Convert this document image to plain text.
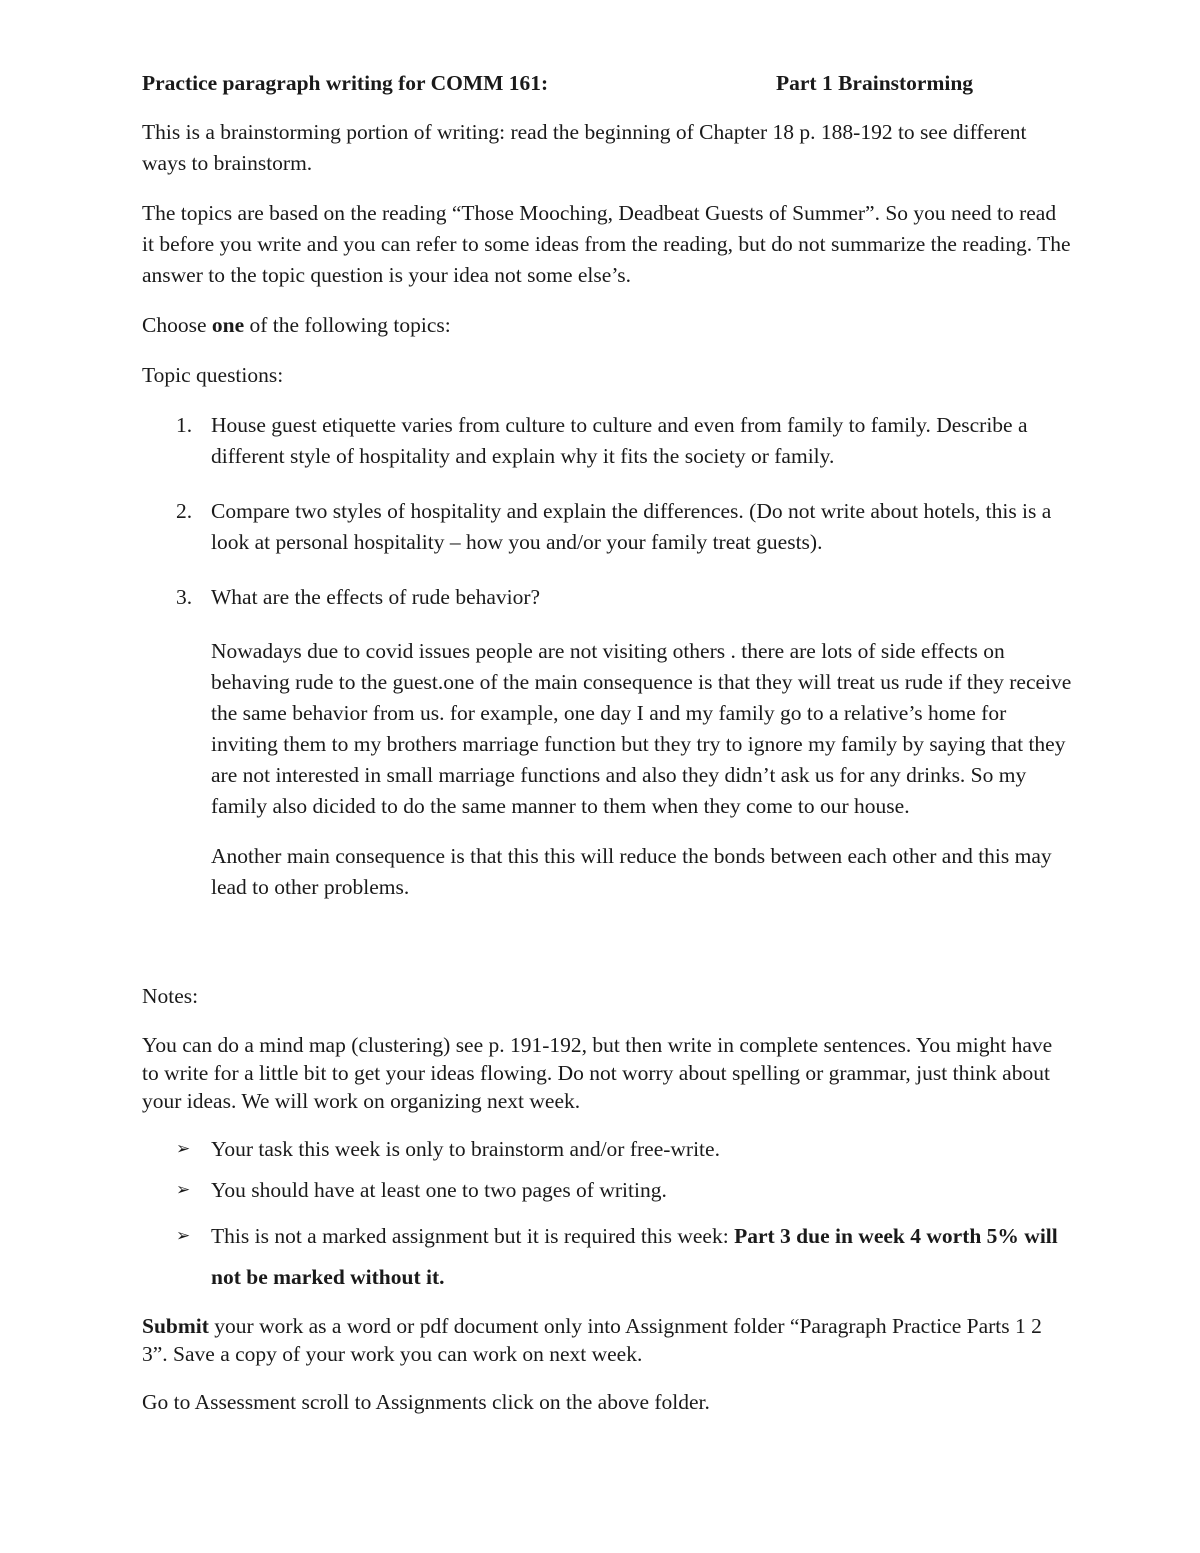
Practice paragraph writing for COMM 161:	Part 1 Brainstorming

This is a brainstorming portion of writing: read the beginning of Chapter 18 p. 188-192 to see different ways to brainstorm.

The topics are based on the reading “Those Mooching, Deadbeat Guests of Summer”. So you need to read it before you write and you can refer to some ideas from the reading, but do not summarize the reading. The answer to the topic question is your idea not some else’s.

Choose one of the following topics:

Topic questions:

1. House guest etiquette varies from culture to culture and even from family to family. Describe a different style of hospitality and explain why it fits the society or family.
2. Compare two styles of hospitality and explain the differences. (Do not write about hotels, this is a look at personal hospitality – how you and/or your family treat guests).
3. What are the effects of rude behavior?

Nowadays due to covid issues people are not visiting others . there are lots of side effects on behaving rude to the guest.one of the main consequence is that they will treat us rude if they receive the same behavior from us. for example, one day I and my family go to a relative’s home for inviting them to my brothers marriage function but they try to ignore my family by saying that they are not interested in small marriage functions and also they didn’t ask us for any drinks. So my family also dicided to do the same manner to them when they come to our house.

Another main consequence is that this this will reduce the bonds between each other and this may lead to other problems.

Notes:

You can do a mind map (clustering) see p. 191-192, but then write in complete sentences. You might have to write for a little bit to get your ideas flowing. Do not worry about spelling or grammar, just think about your ideas. We will work on organizing next week.

➢ Your task this week is only to brainstorm and/or free-write.
➢ You should have at least one to two pages of writing.
➢ This is not a marked assignment but it is required this week: Part 3 due in week 4 worth 5% will not be marked without it.

Submit your work as a word or pdf document only into Assignment folder “Paragraph Practice Parts 1 2 3”. Save a copy of your work you can work on next week.

Go to Assessment scroll to Assignments click on the above folder.
